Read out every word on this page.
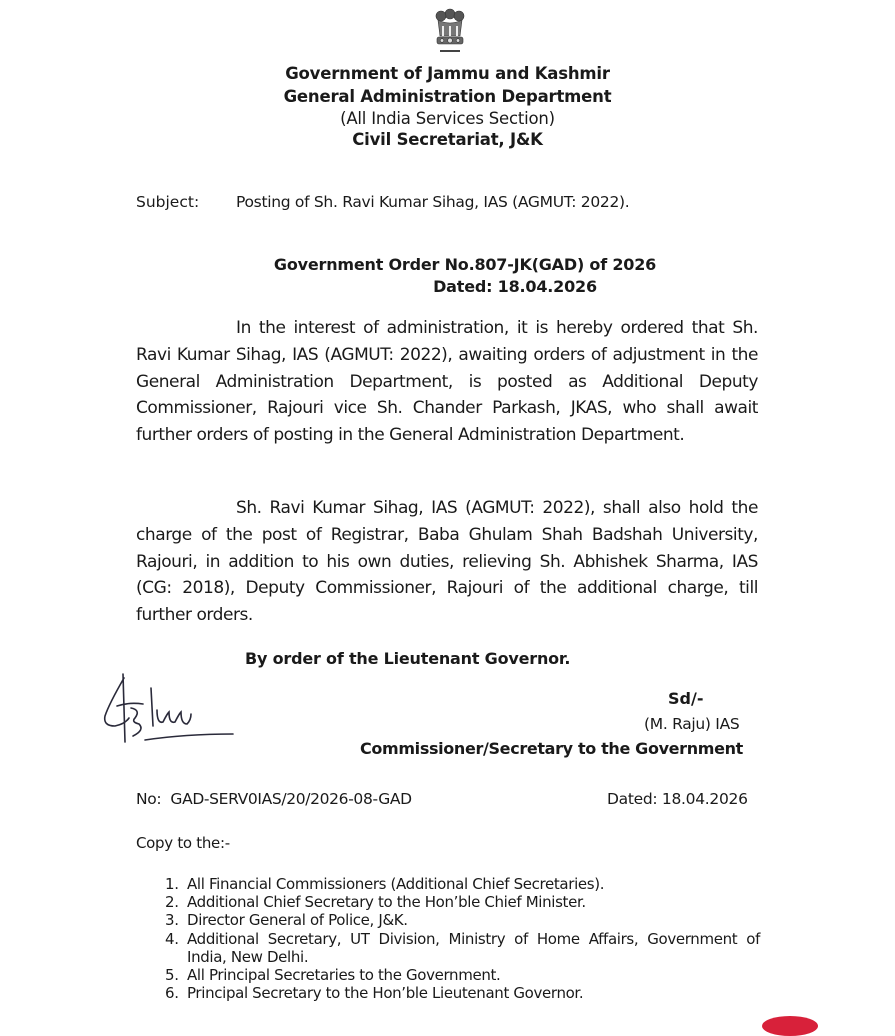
Government of Jammu and Kashmir
General Administration Department
(All India Services Section)
Civil Secretariat, J&K
Subject: Posting of Sh. Ravi Kumar Sihag, IAS (AGMUT: 2022).
Government Order No.807-JK(GAD) of 2026
Dated: 18.04.2026
In the interest of administration, it is hereby ordered that Sh. Ravi Kumar Sihag, IAS (AGMUT: 2022), awaiting orders of adjustment in the General Administration Department, is posted as Additional Deputy Commissioner, Rajouri vice Sh. Chander Parkash, JKAS, who shall await further orders of posting in the General Administration Department.
Sh. Ravi Kumar Sihag, IAS (AGMUT: 2022), shall also hold the charge of the post of Registrar, Baba Ghulam Shah Badshah University, Rajouri, in addition to his own duties, relieving Sh. Abhishek Sharma, IAS (CG: 2018), Deputy Commissioner, Rajouri of the additional charge, till further orders.
By order of the Lieutenant Governor.
Sd/-
(M. Raju) IAS
Commissioner/Secretary to the Government
No:  GAD-SERV0IAS/20/2026-08-GAD	Dated: 18.04.2026
Copy to the:-
1. All Financial Commissioners (Additional Chief Secretaries).
2. Additional Chief Secretary to the Hon’ble Chief Minister.
3. Director General of Police, J&K.
4. Additional Secretary, UT Division, Ministry of Home Affairs, Government of India, New Delhi.
5. All Principal Secretaries to the Government.
6. Principal Secretary to the Hon’ble Lieutenant Governor.
